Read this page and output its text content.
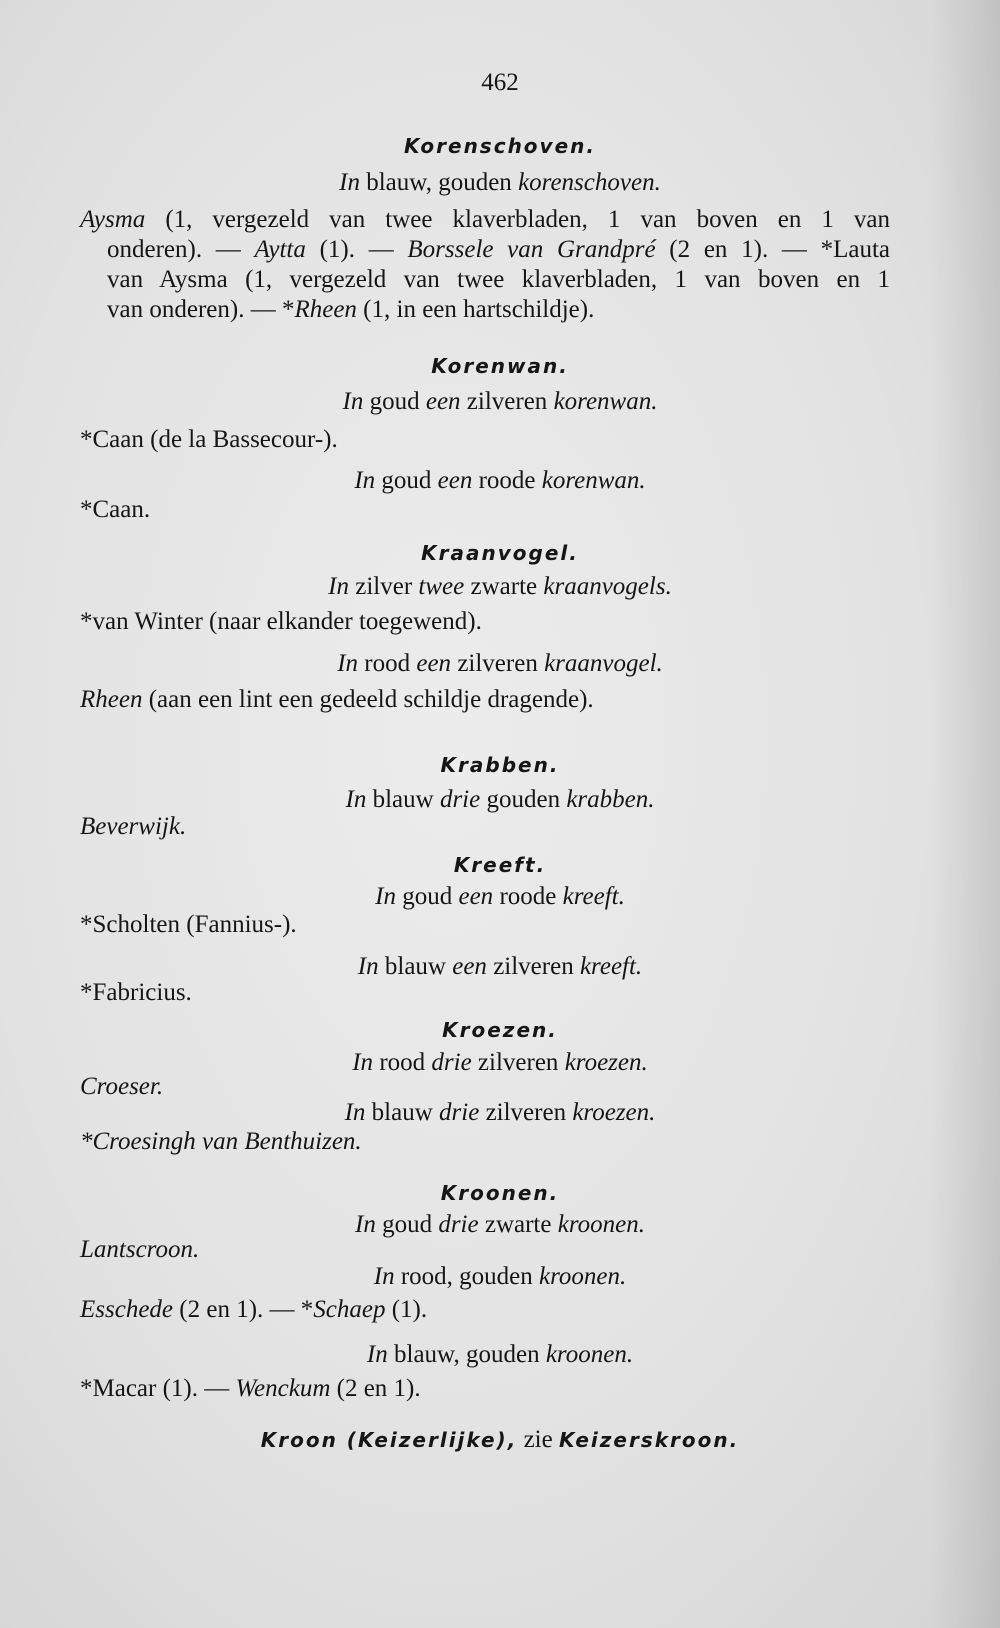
462
Korenschoven.
In blauw, gouden korenschoven.
Aysma (1, vergezeld van twee klaverbladen, 1 van boven en 1 van
onderen). — Aytta (1). — Borssele van Grandpré (2 en 1). — *Lauta
van Aysma (1, vergezeld van twee klaverbladen, 1 van boven en 1
van onderen). — *Rheen (1, in een hartschildje).
Korenwan.
In goud een zilveren korenwan.
*Caan (de la Bassecour-).
In goud een roode korenwan.
*Caan.
Kraanvogel.
In zilver twee zwarte kraanvogels.
*van Winter (naar elkander toegewend).
In rood een zilveren kraanvogel.
Rheen (aan een lint een gedeeld schildje dragende).
Krabben.
In blauw drie gouden krabben.
Beverwijk.
Kreeft.
In goud een roode kreeft.
*Scholten (Fannius-).
In blauw een zilveren kreeft.
*Fabricius.
Kroezen.
In rood drie zilveren kroezen.
Croeser.
In blauw drie zilveren kroezen.
*Croesingh van Benthuizen.
Kroonen.
In goud drie zwarte kroonen.
Lantscroon.
In rood, gouden kroonen.
Esschede (2 en 1). — *Schaep (1).
In blauw, gouden kroonen.
*Macar (1). — Wenckum (2 en 1).
Kroon (Keizerlijke), zie Keizerskroon.
